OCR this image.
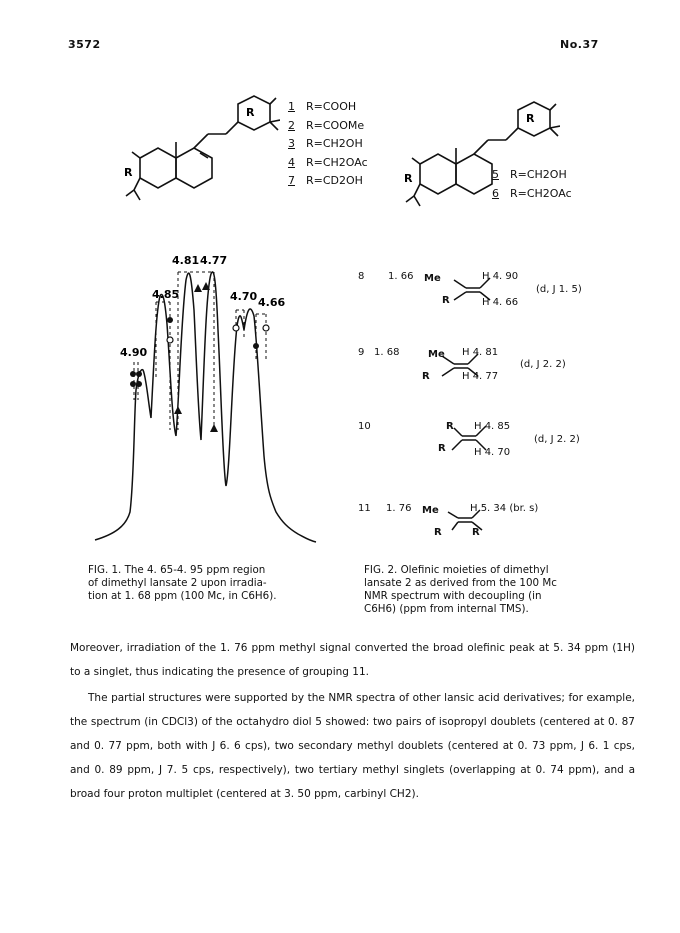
3572	No.37
R
R	1 R=COOH
2 R=COOMe
3 R=CH2OH
4 R=CH2OAc
7 R=CD2OH	R
R
5 R=CH2OH
6 R=CH2OAc
4.90
4.85
4.81 4.77
4.70 4.66
8 1. 66 Me
R
H 4. 90
H 4. 66
(d, J 1. 5)
9 1. 68	Me
R
H 4. 81
H 4. 77
(d, J 2. 2)
10	R
R
H 4. 85
H 4. 70
(d, J 2. 2)
11 1. 76 Me
R
H 5. 34 (br. s)
R
FIG. 1. The 4. 65-4. 95 ppm region
of dimethyl lansate 2 upon irradia-
tion at 1. 68 ppm (100 Mc, in C6H6).
FIG. 2. Olefinic moieties of dimethyl
lansate 2 as derived from the 100 Mc
NMR spectrum with decoupling (in
C6H6) (ppm from internal TMS).
Moreover, irradiation of the 1. 76 ppm methyl signal converted the broad olefinic peak at 5. 34 ppm (1H) to a singlet, thus indicating the presence of grouping 11.
The partial structures were supported by the NMR spectra of other lansic acid derivatives; for example, the spectrum (in CDCl3) of the octahydro diol 5 showed: two pairs of isopropyl doublets (centered at 0. 87 and 0. 77 ppm, both with J 6. 6 cps), two secondary methyl doublets (centered at 0. 73 ppm, J 6. 1 cps, and 0. 89 ppm, J 7. 5 cps, respectively), two tertiary methyl singlets (overlapping at 0. 74 ppm), and a broad four proton multiplet (centered at 3. 50 ppm, carbinyl CH2).
